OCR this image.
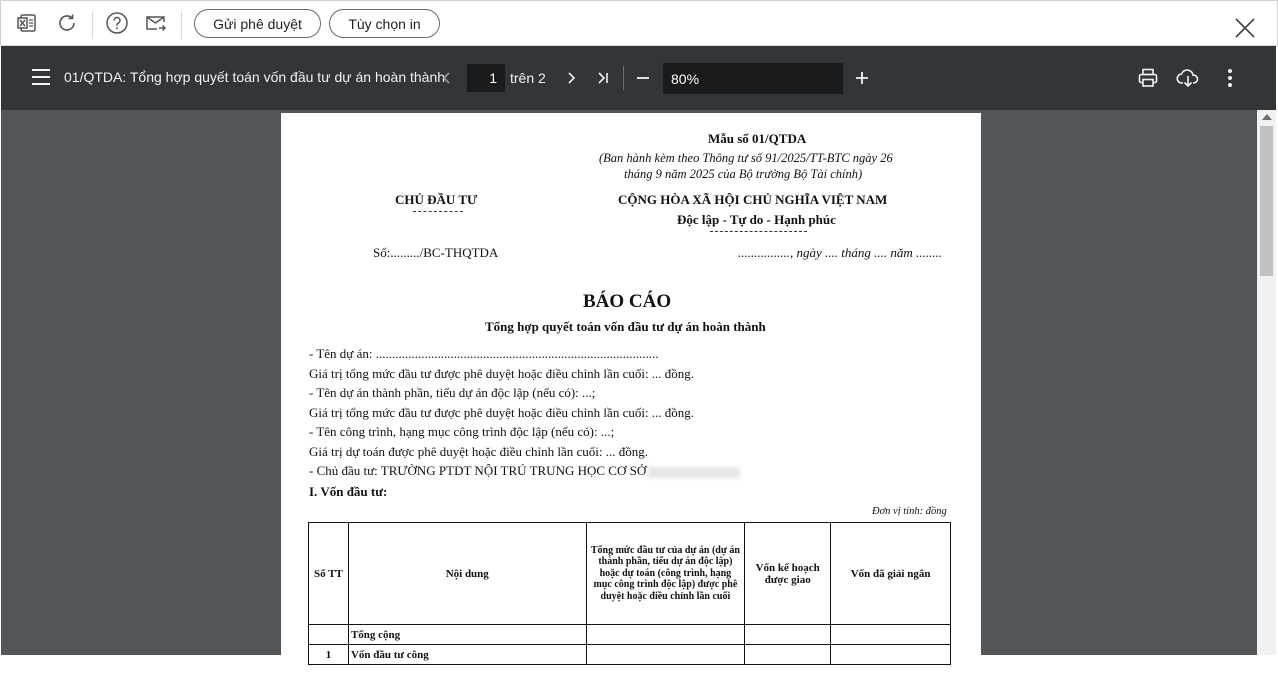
Gửi phê duyệt	Tùy chọn in
01/QTDA: Tổng hợp quyết toán vốn đầu tư dự án hoàn thành
1	trên 2
80%
Mẫu số 01/QTDA
(Ban hành kèm theo Thông tư số 91/2025/TT-BTC ngày 26
tháng 9 năm 2025 của Bộ trưởng Bộ Tài chính)
CHỦ ĐẦU TƯ	CỘNG HÒA XÃ HỘI CHỦ NGHĨA VIỆT NAM
Độc lập - Tự do - Hạnh phúc
Số:........./BC-THQTDA	................, ngày .... tháng .... năm ........
BÁO CÁO
Tổng hợp quyết toán vốn đầu tư dự án hoàn thành
- Tên dự án: .......................................................................................
Giá trị tổng mức đầu tư được phê duyệt hoặc điều chỉnh lần cuối: ... đồng.
- Tên dự án thành phần, tiểu dự án độc lập (nếu có): ...;
Giá trị tổng mức đầu tư được phê duyệt hoặc điều chỉnh lần cuối: ... đồng.
- Tên công trình, hạng mục công trình độc lập (nếu có): ...;
Giá trị dự toán được phê duyệt hoặc điều chỉnh lần cuối: ... đồng.
- Chủ đầu tư: TRƯỜNG PTDT NỘI TRÚ TRUNG HỌC CƠ SỞ
I. Vốn đầu tư:
Đơn vị tính: đồng
Số TT	Nội dung	Tổng mức đầu tư của dự án (dự án thành phần, tiểu dự án độc lập) hoặc dự toán (công trình, hạng mục công trình độc lập) được phê duyệt hoặc điều chỉnh lần cuối	Vốn kế hoạch được giao	Vốn đã giải ngân
	Tổng cộng			
1	Vốn đầu tư công			
